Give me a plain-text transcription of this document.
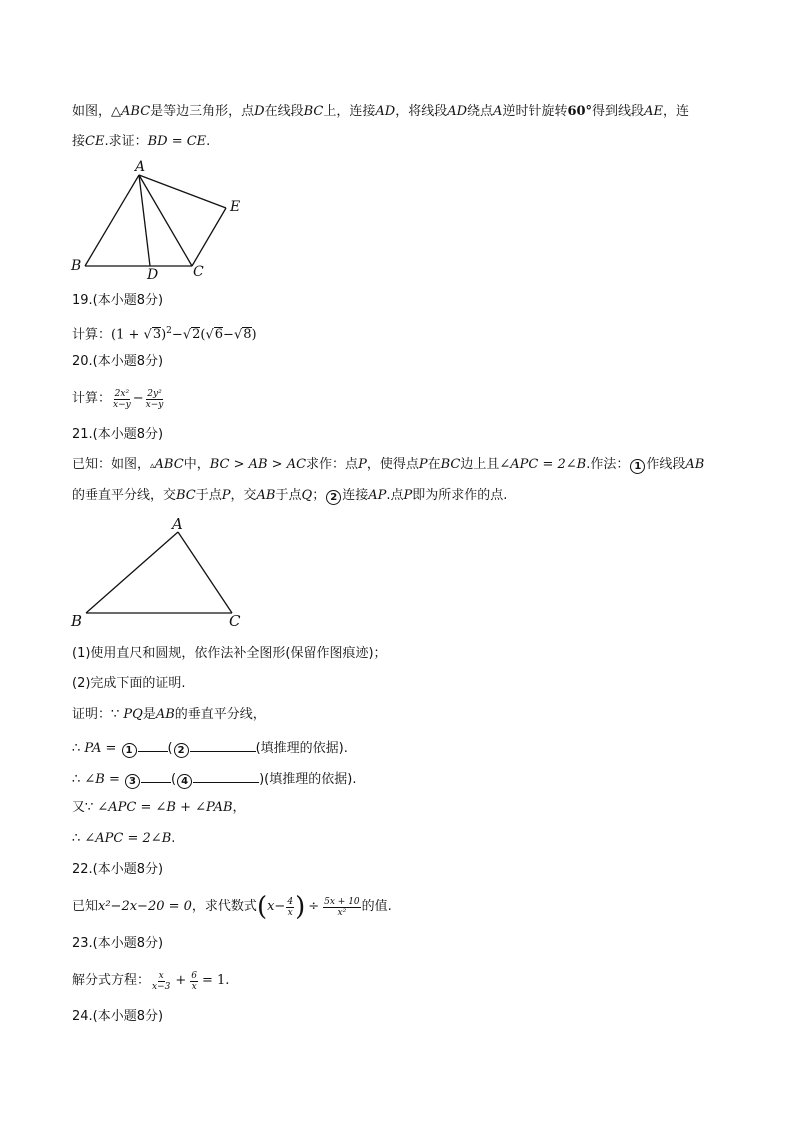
如图，△ABC是等边三角形，点D在线段BC上，连接AD，将线段AD绕点A逆时针旋转60°得到线段AE，连
接CE.求证：BD = CE.
A
B
D C
E
19.(本小题8分)
计算：$(1 + √3)^2-√2(√6-√8)$
20.(本小题8分)
计算： $\frac{\text{2x²}}{x-y} - \frac{\text{2y²}}{x-y}$
21.(本小题8分)
已知：如图，▵ABC中，BC > AB > AC求作：点P，使得点P在BC边上且∠APC = 2∠B.作法： 1 作线段AB
的垂直平分线，交BC于点P，交AB于点Q； 2 连接AP.点P即为所求作的点.
A
B	C
(1)使用直尺和圆规，依作法补全图形(保留作图痕迹)；
(2)完成下面的证明.
证明：∵ PQ是AB的垂直平分线，
∴ PA = 1	( 2	(填推理的依据).
∴ ∠B = 3	( 4	)(填推理的依据).
又∵ ∠APC = ∠B + ∠PAB，
∴ ∠APC = 2∠B.
22.(本小题8分)
已知 x²−2x−20 = 0 ，求代数式 ( $x- \frac{4}{x}$ ) ÷ $\frac{5x + 10}{\text{x²}}$ 的值.
23.(本小题8分)
解分式方程： $\frac{x}{x-3} + \frac{6}{x} = 1$.
24.(本小题8分)
